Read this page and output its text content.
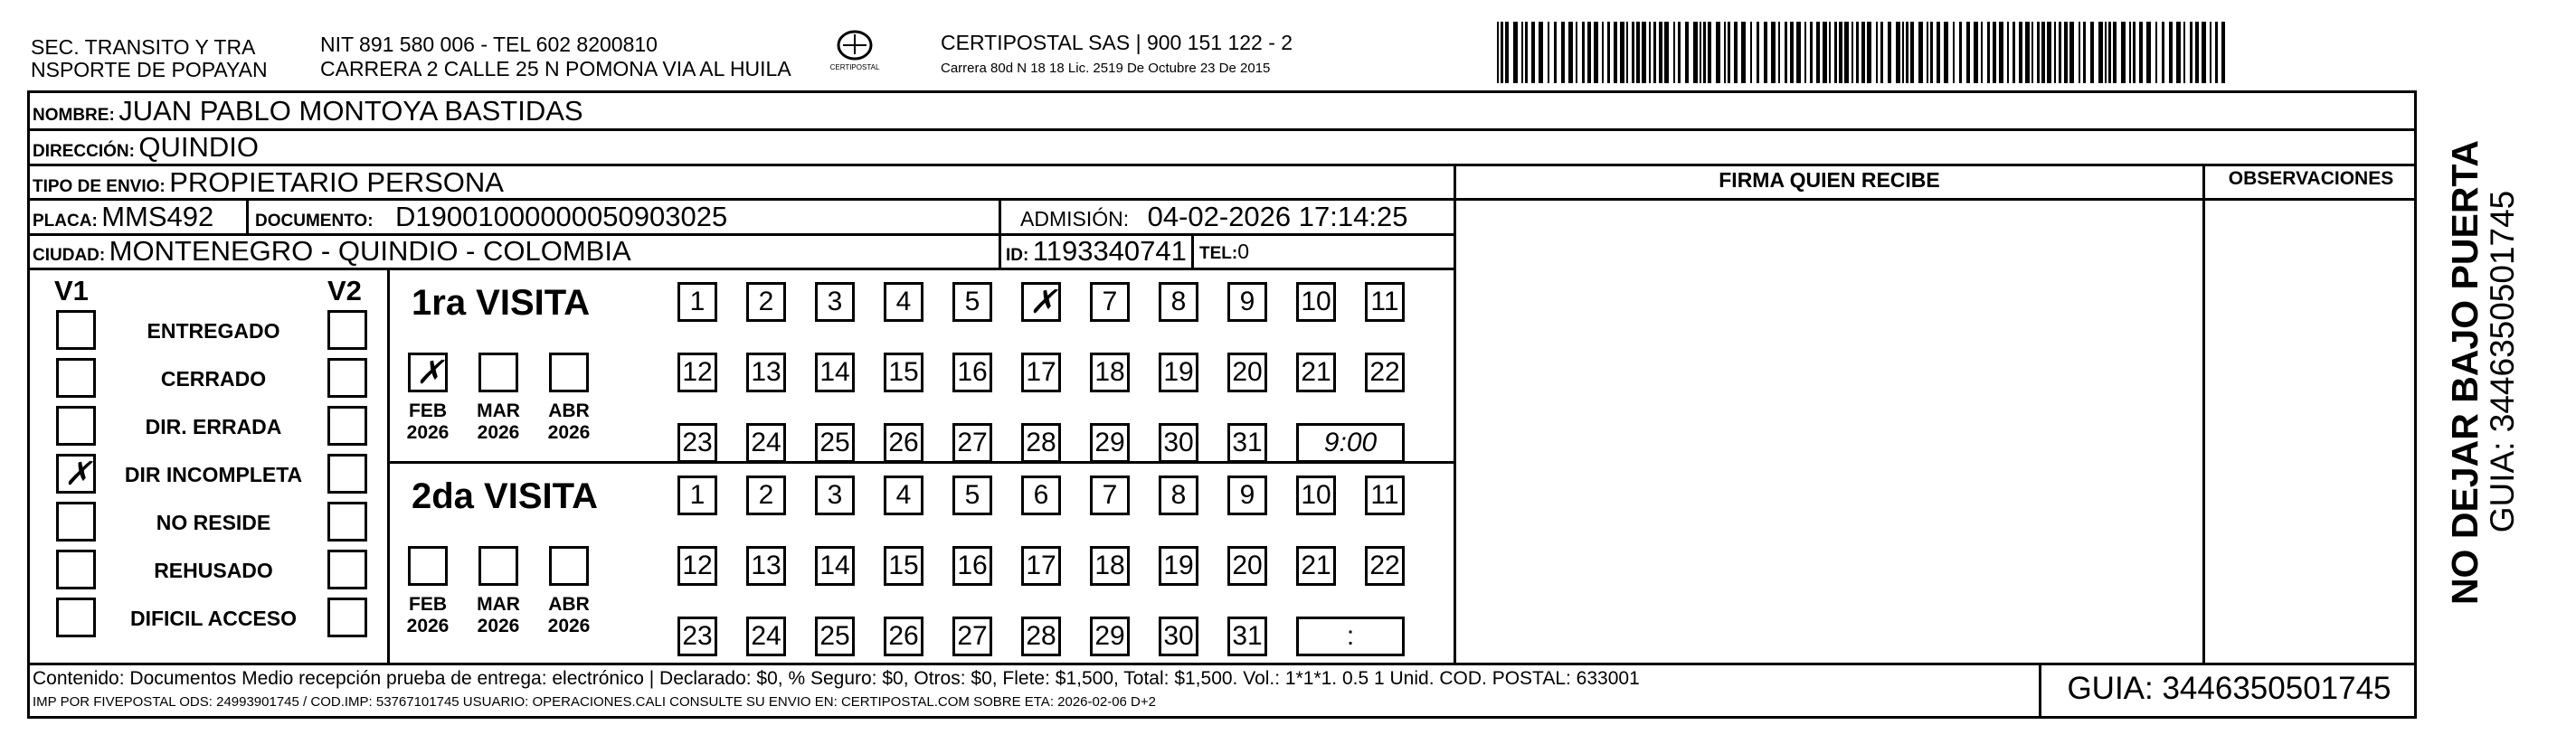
SEC. TRANSITO Y TRA
NSPORTE DE POPAYAN
NIT 891 580 006 - TEL 602 8200810
CARRERA 2 CALLE 25 N POMONA VIA AL HUILA	CERTIPOSTAL
CERTIPOSTAL SAS | 900 151 122 - 2
Carrera 80d N 18 18 Lic. 2519 De Octubre 23 De 2015
NOMBRE: JUAN PABLO MONTOYA BASTIDAS
DIRECCIÓN: QUINDIO
TIPO DE ENVIO: PROPIETARIO PERSONA
PLACA: MMS492 DOCUMENTO: D19001000000050903025	ADMISIÓN: 04-02-2026 17:14:25
CIUDAD: MONTENEGRO - QUINDIO - COLOMBIA	ID: 1193340741 TEL:0
FIRMA QUIEN RECIBE	OBSERVACIONES
V1	V2
ENTREGADO
CERRADO
DIR. ERRADA
✗ DIR INCOMPLETA
NO RESIDE
REHUSADO
DIFICIL ACCESO
1ra VISITA
✗
FEB
2026
MAR
2026
ABR
2026
1	2	3	4	5	✗	7	8	9	10 11
12 13 14 15 16 17 18 19 20 21 22
23 24 25 26 27 28 29 30 31	9:00
2da VISITA
FEB
2026
MAR
2026
ABR
2026
1	2	3	4	5	6	7	8	9	10 11
12 13 14 15 16 17 18 19 20 21 22
23 24 25 26 27 28 29 30 31	:
Contenido: Documentos Medio recepción prueba de entrega: electrónico | Declarado: $0, % Seguro: $0, Otros: $0, Flete: $1,500, Total: $1,500. Vol.: 1*1*1. 0.5 1 Unid. COD. POSTAL: 633001
IMP POR FIVEPOSTAL ODS: 24993901745 / COD.IMP: 53767101745 USUARIO: OPERACIONES.CALI CONSULTE SU ENVIO EN: CERTIPOSTAL.COM SOBRE ETA: 2026-02-06 D+2	GUIA: 3446350501745
NO DEJAR BAJO PUERTA
GUIA: 3446350501745
